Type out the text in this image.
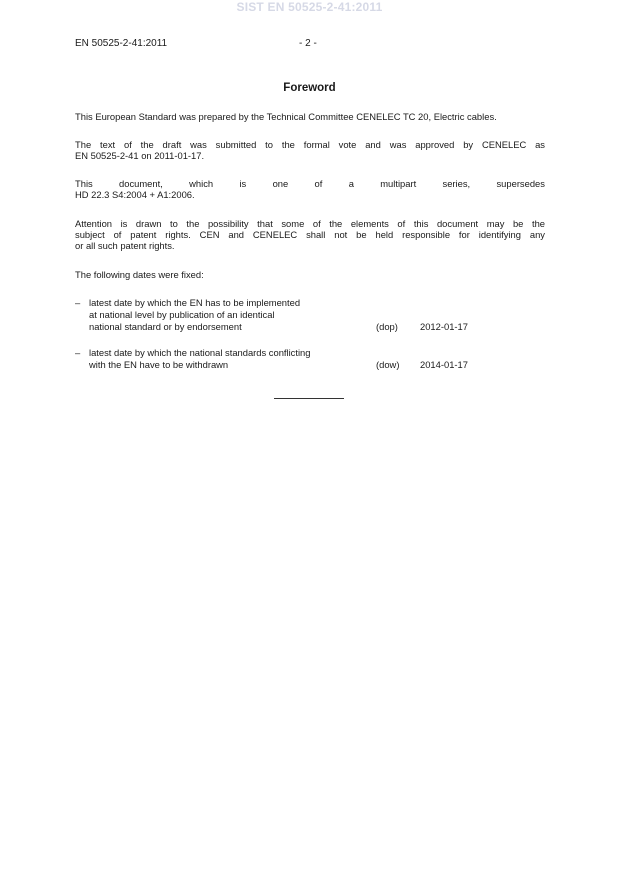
SIST EN 50525-2-41:2011
EN 50525-2-41:2011	- 2 -
Foreword

This European Standard was prepared by the Technical Committee CENELEC TC 20, Electric cables.

The text of the draft was submitted to the formal vote and was approved by CENELEC as
EN 50525-2-41 on 2011-01-17.
This	document,	which	is	one	of	a	multipart	series,	supersedes
HD 22.3 S4:2004 + A1:2006.
Attention is drawn to the possibility that some of the elements of this document may be the
subject of patent rights. CEN and CENELEC shall not be held responsible for identifying any
or all such patent rights.

The following dates were fixed:

– latest date by which the EN has to be implemented
at national level by publication of an identical
national standard or by endorsement	(dop)	2012-01-17
– latest date by which the national standards conflicting
with the EN have to be withdrawn	(dow)	2014-01-17
